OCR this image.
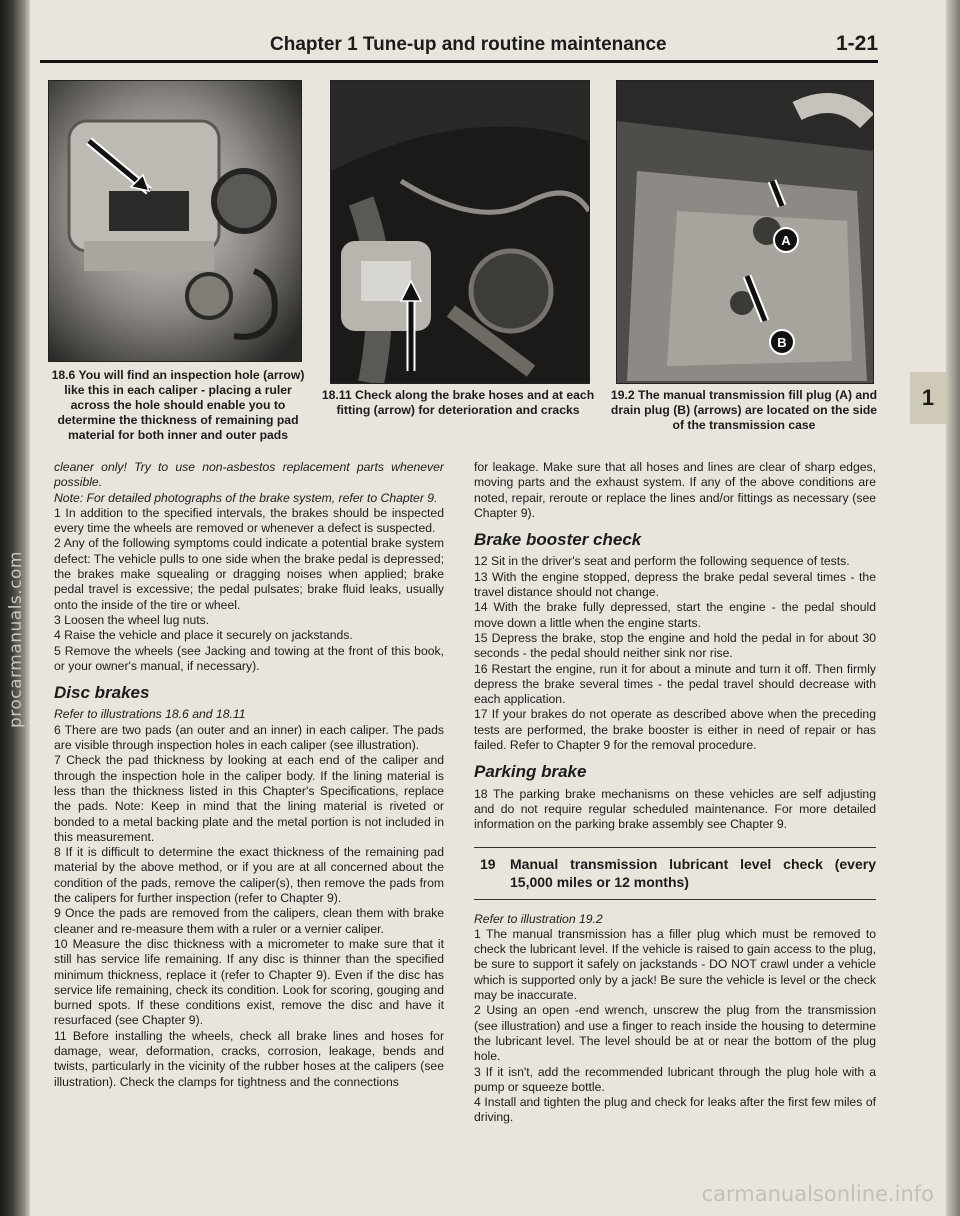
procarmanuals.com
Chapter 1 Tune-up and routine maintenance	1-21
A
B
18.6 You will find an inspection hole (arrow) like this in each caliper - placing a ruler across the hole should enable you to determine the thickness of remaining pad material for both inner and outer pads
18.11 Check along the brake hoses and at each fitting (arrow) for deterioration and cracks
19.2 The manual transmission fill plug (A) and drain plug (B) (arrows) are located on the side of the transmission case
1

cleaner only! Try to use non-asbestos replacement parts whenever possible.

Note: For detailed photographs of the brake system, refer to Chapter 9.

1 In addition to the specified intervals, the brakes should be inspected every time the wheels are removed or whenever a defect is suspected.

2 Any of the following symptoms could indicate a potential brake system defect: The vehicle pulls to one side when the brake pedal is depressed; the brakes make squealing or dragging noises when applied; brake pedal travel is excessive; the pedal pulsates; brake fluid leaks, usually onto the inside of the tire or wheel.

3 Loosen the wheel lug nuts.

4 Raise the vehicle and place it securely on jackstands.

5 Remove the wheels (see Jacking and towing at the front of this book, or your owner's manual, if necessary).

Disc brakes

Refer to illustrations 18.6 and 18.11

6 There are two pads (an outer and an inner) in each caliper. The pads are visible through inspection holes in each caliper (see illustration).

7 Check the pad thickness by looking at each end of the caliper and through the inspection hole in the caliper body. If the lining material is less than the thickness listed in this Chapter's Specifications, replace the pads. Note: Keep in mind that the lining material is riveted or bonded to a metal backing plate and the metal portion is not included in this measurement.

8 If it is difficult to determine the exact thickness of the remaining pad material by the above method, or if you are at all concerned about the condition of the pads, remove the caliper(s), then remove the pads from the calipers for further inspection (refer to Chapter 9).

9 Once the pads are removed from the calipers, clean them with brake cleaner and re-measure them with a ruler or a vernier caliper.

10 Measure the disc thickness with a micrometer to make sure that it still has service life remaining. If any disc is thinner than the specified minimum thickness, replace it (refer to Chapter 9). Even if the disc has service life remaining, check its condition. Look for scoring, gouging and burned spots. If these conditions exist, remove the disc and have it resurfaced (see Chapter 9).

11 Before installing the wheels, check all brake lines and hoses for damage, wear, deformation, cracks, corrosion, leakage, bends and twists, particularly in the vicinity of the rubber hoses at the calipers (see illustration). Check the clamps for tightness and the connections

for leakage. Make sure that all hoses and lines are clear of sharp edges, moving parts and the exhaust system. If any of the above conditions are noted, repair, reroute or replace the lines and/or fittings as necessary (see Chapter 9).

Brake booster check

12 Sit in the driver's seat and perform the following sequence of tests.

13 With the engine stopped, depress the brake pedal several times - the travel distance should not change.

14 With the brake fully depressed, start the engine - the pedal should move down a little when the engine starts.

15 Depress the brake, stop the engine and hold the pedal in for about 30 seconds - the pedal should neither sink nor rise.

16 Restart the engine, run it for about a minute and turn it off. Then firmly depress the brake several times - the pedal travel should decrease with each application.

17 If your brakes do not operate as described above when the preceding tests are performed, the brake booster is either in need of repair or has failed. Refer to Chapter 9 for the removal procedure.

Parking brake

18 The parking brake mechanisms on these vehicles are self adjusting and do not require regular scheduled maintenance. For more detailed information on the parking brake assembly see Chapter 9.

19	Manual transmission lubricant level check (every 15,000 miles or 12 months)

Refer to illustration 19.2

1 The manual transmission has a filler plug which must be removed to check the lubricant level. If the vehicle is raised to gain access to the plug, be sure to support it safely on jackstands - DO NOT crawl under a vehicle which is supported only by a jack! Be sure the vehicle is level or the check may be inaccurate.

2 Using an open -end wrench, unscrew the plug from the transmission (see illustration) and use a finger to reach inside the housing to determine the lubricant level. The level should be at or near the bottom of the plug hole.

3 If it isn't, add the recommended lubricant through the plug hole with a pump or squeeze bottle.

4 Install and tighten the plug and check for leaks after the first few miles of driving.

carmanualsonline.info
